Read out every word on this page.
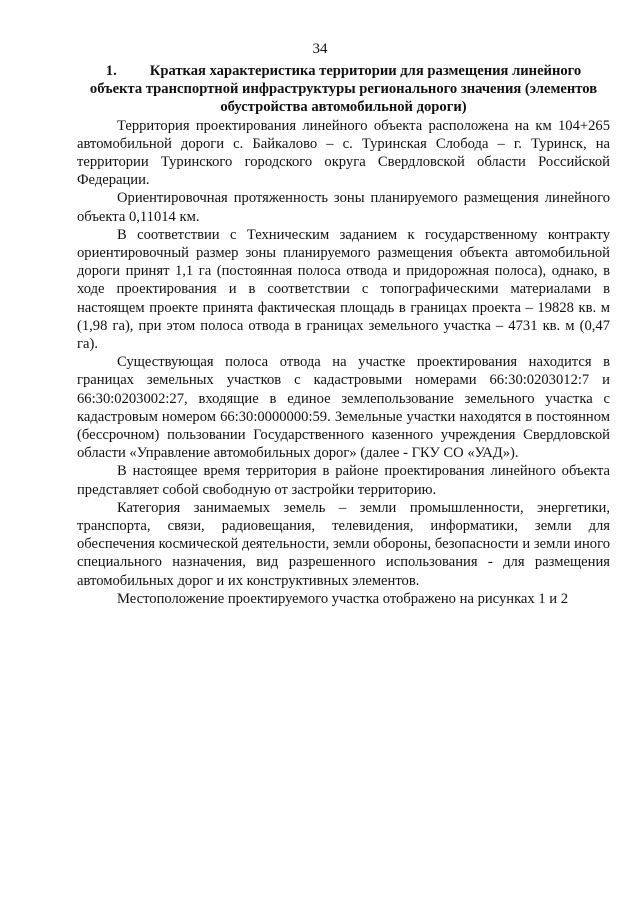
34
1. Краткая характеристика территории для размещения линейного
объекта транспортной инфраструктуры регионального значения (элементов
обустройства автомобильной дороги)

Территория проектирования линейного объекта расположена на км 104+265 автомобильной дороги с. Байкалово – с. Туринская Слобода – г. Туринск, на территории Туринского городского округа Свердловской области Российской Федерации.

Ориентировочная протяженность зоны планируемого размещения линейного объекта 0,11014 км.

В соответствии с Техническим заданием к государственному контракту ориентировочный размер зоны планируемого размещения объекта автомобильной дороги принят 1,1 га (постоянная полоса отвода и придорожная полоса), однако, в ходе проектирования и в соответствии с топографическими материалами в настоящем проекте принята фактическая площадь в границах проекта – 19828 кв. м (1,98 га), при этом полоса отвода в границах земельного участка – 4731 кв. м (0,47 га).

Существующая полоса отвода на участке проектирования находится в границах земельных участков с кадастровыми номерами 66:30:0203012:7 и 66:30:0203002:27, входящие в единое землепользование земельного участка с кадастровым номером 66:30:0000000:59. Земельные участки находятся в постоянном (бессрочном) пользовании Государственного казенного учреждения Свердловской области «Управление автомобильных дорог» (далее - ГКУ СО «УАД»).

В настоящее время территория в районе проектирования линейного объекта представляет собой свободную от застройки территорию.

Категория занимаемых земель – земли промышленности, энергетики, транспорта, связи, радиовещания, телевидения, информатики, земли для обеспечения космической деятельности, земли обороны, безопасности и земли иного специального назначения, вид разрешенного использования - для размещения автомобильных дорог и их конструктивных элементов.

Местоположение проектируемого участка отображено на рисунках 1 и 2
